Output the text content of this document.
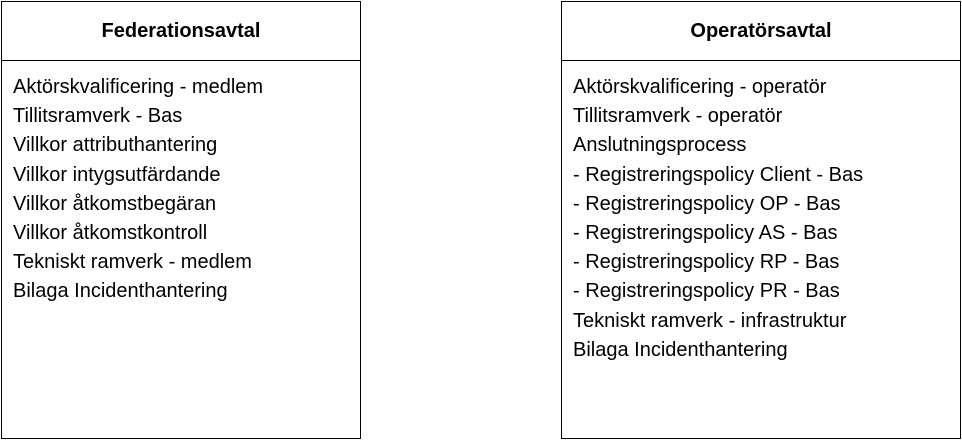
Federationsavtal
Aktörskvalificering - medlem
Tillitsramverk - Bas
Villkor attributhantering
Villkor intygsutfärdande
Villkor åtkomstbegäran
Villkor åtkomstkontroll
Tekniskt ramverk - medlem
Bilaga Incidenthantering
Operatörsavtal
Aktörskvalificering - operatör
Tillitsramverk - operatör
Anslutningsprocess
- Registreringspolicy Client - Bas
- Registreringspolicy OP - Bas
- Registreringspolicy AS - Bas
- Registreringspolicy RP - Bas
- Registreringspolicy PR - Bas
Tekniskt ramverk - infrastruktur
Bilaga Incidenthantering
